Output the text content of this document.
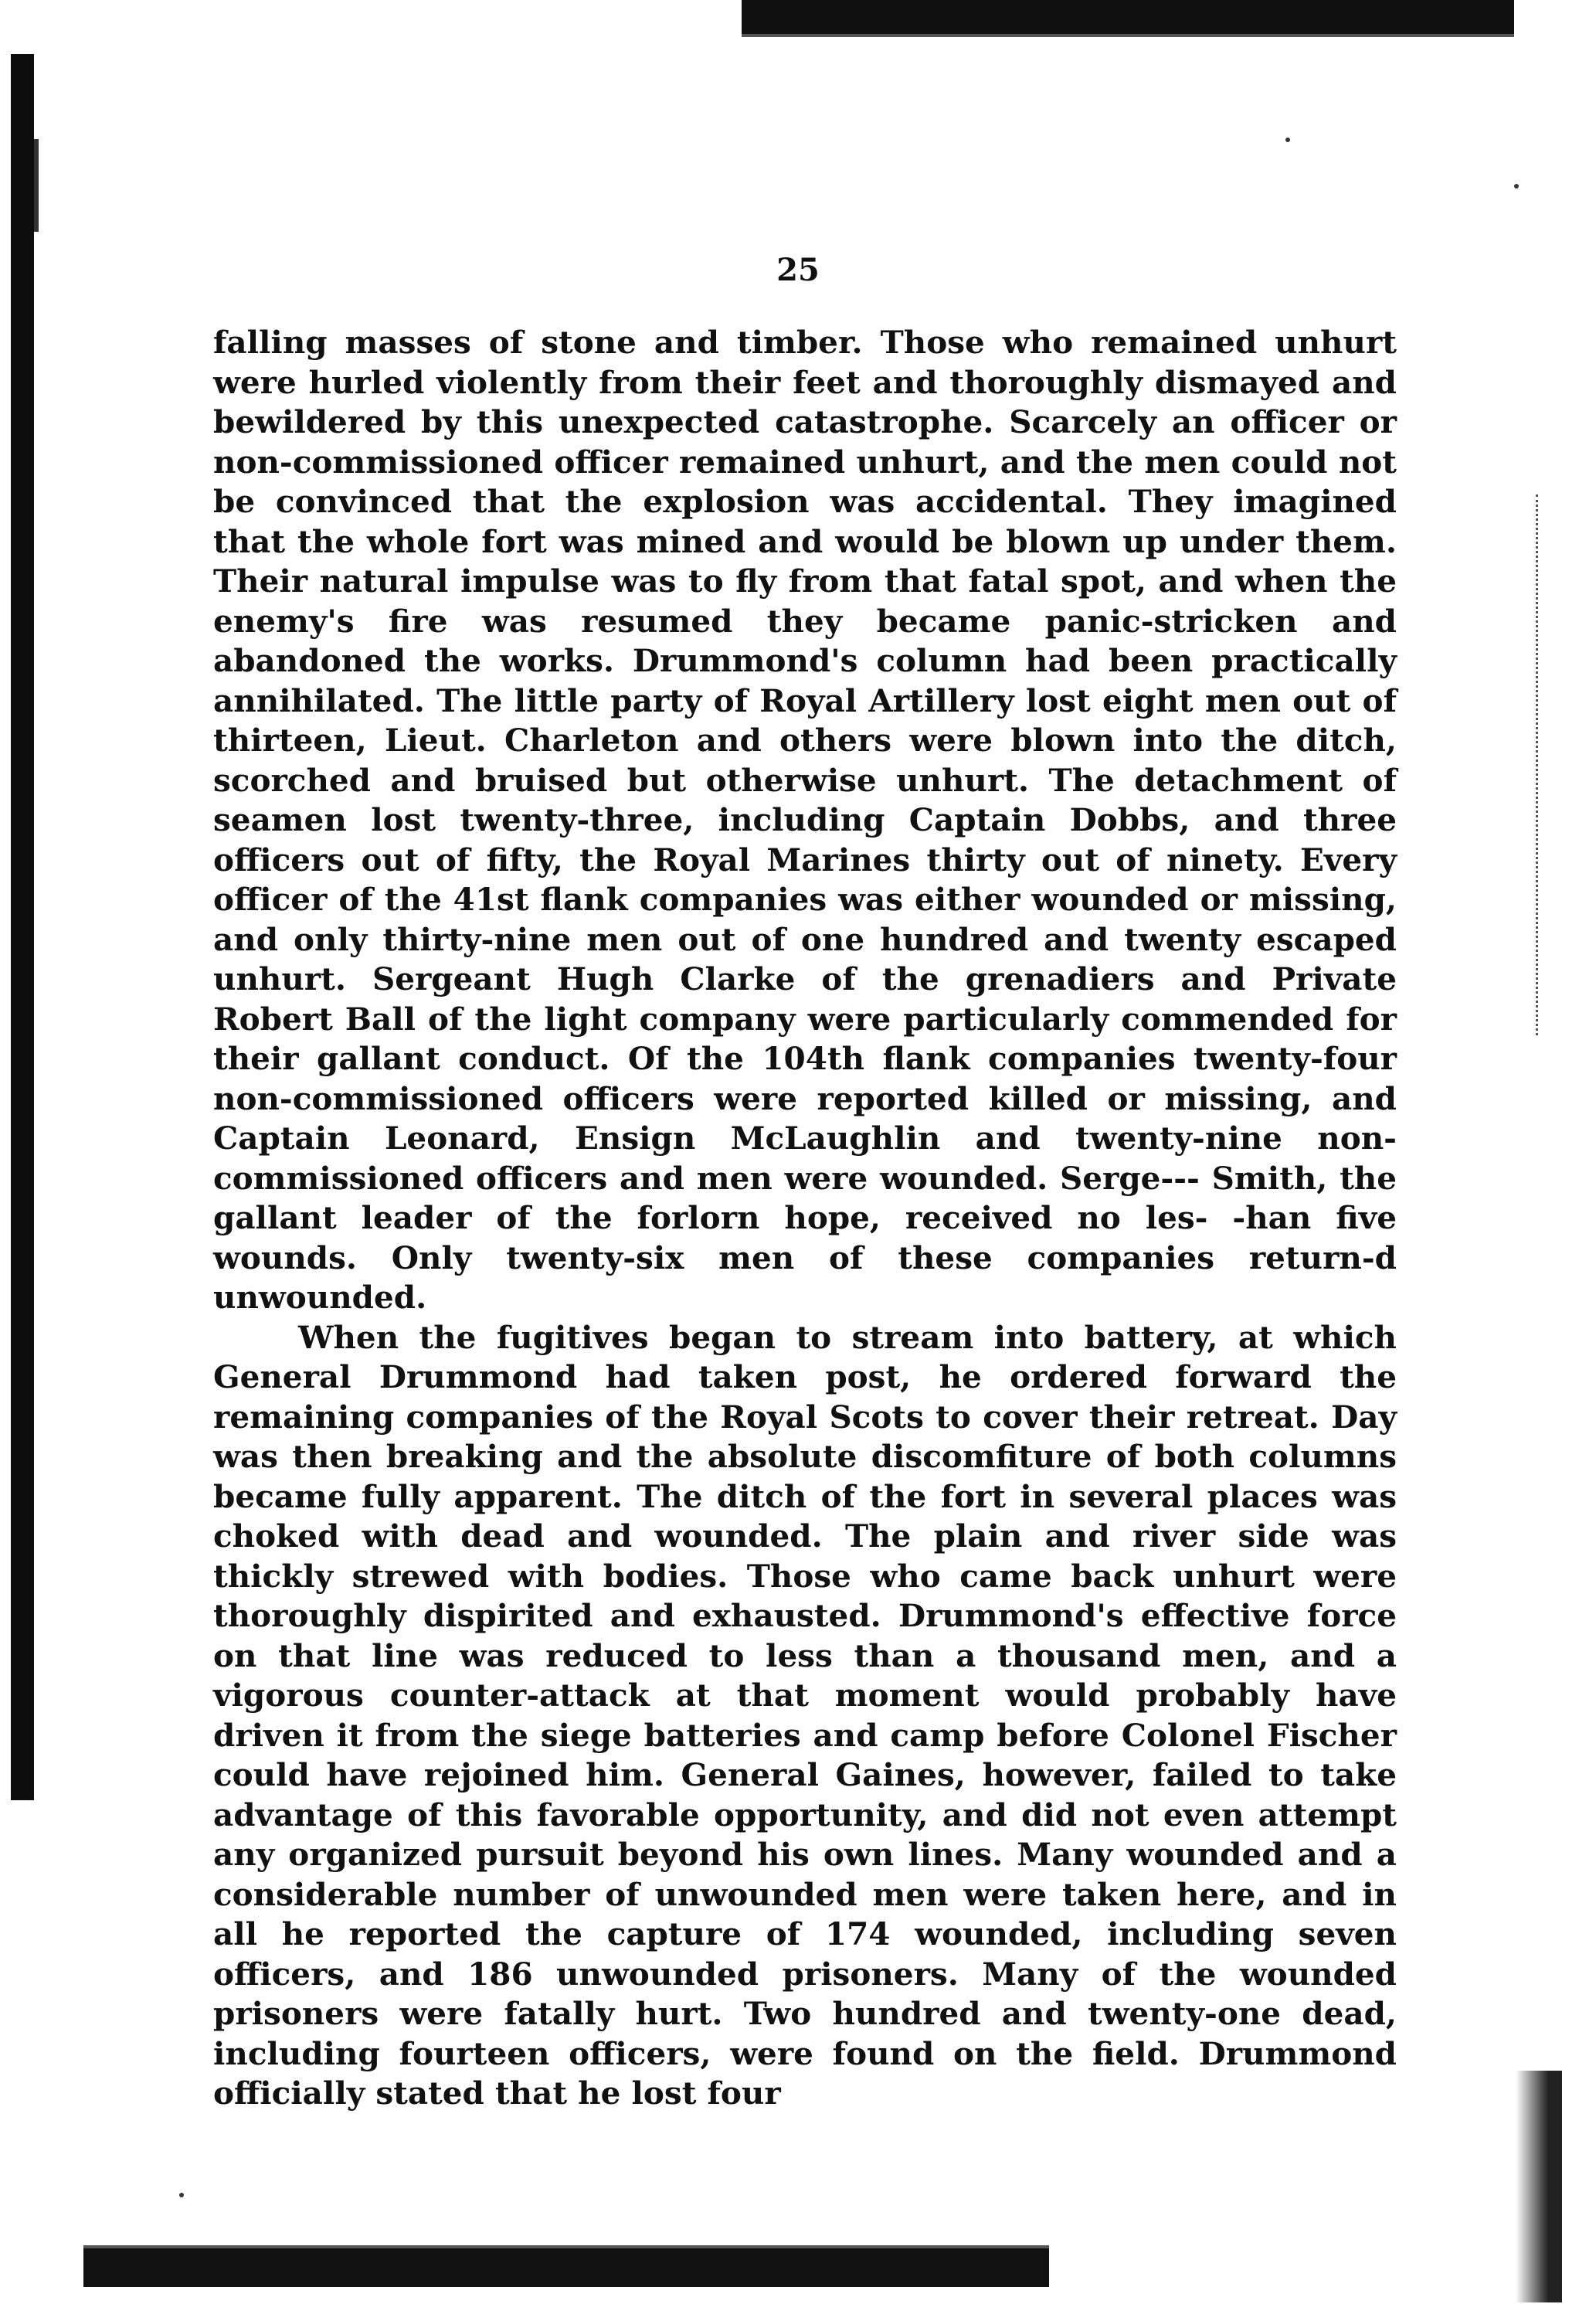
25

falling masses of stone and timber. Those who remained unhurt were hurled violently from their feet and thoroughly dismayed and bewildered by this unexpected catastrophe. Scarcely an officer or non-commissioned officer remained unhurt, and the men could not be convinced that the explosion was accidental. They imagined that the whole fort was mined and would be blown up under them. Their natural impulse was to fly from that fatal spot, and when the enemy's fire was resumed they became panic-stricken and abandoned the works. Drummond's column had been practically annihilated. The little party of Royal Artillery lost eight men out of thirteen, Lieut. Charleton and others were blown into the ditch, scorched and bruised but otherwise unhurt. The detachment of seamen lost twenty-three, including Captain Dobbs, and three officers out of fifty, the Royal Marines thirty out of ninety. Every officer of the 41st flank companies was either wounded or missing, and only thirty-nine men out of one hundred and twenty escaped unhurt. Sergeant Hugh Clarke of the grenadiers and Private Robert Ball of the light company were particularly commended for their gallant conduct. Of the 104th flank companies twenty-four non-commissioned officers were reported killed or missing, and Captain Leonard, Ensign McLaughlin and twenty-nine non-commissioned officers and men were wounded. Serge--- Smith, the gallant leader of the forlorn hope, received no les- -han five wounds. Only twenty-six men of these companies return-d unwounded.

When the fugitives began to stream into battery, at which General Drummond had taken post, he ordered forward the remaining companies of the Royal Scots to cover their retreat. Day was then breaking and the absolute discomfiture of both columns became fully apparent. The ditch of the fort in several places was choked with dead and wounded. The plain and river side was thickly strewed with bodies. Those who came back unhurt were thoroughly dispirited and exhausted. Drummond's effective force on that line was reduced to less than a thousand men, and a vigorous counter-attack at that moment would probably have driven it from the siege batteries and camp before Colonel Fischer could have rejoined him. General Gaines, however, failed to take advantage of this favorable opportunity, and did not even attempt any organized pursuit beyond his own lines. Many wounded and a considerable number of unwounded men were taken here, and in all he reported the capture of 174 wounded, including seven officers, and 186 unwounded prisoners. Many of the wounded prisoners were fatally hurt. Two hundred and twenty-one dead, including fourteen officers, were found on the field. Drummond officially stated that he lost four
